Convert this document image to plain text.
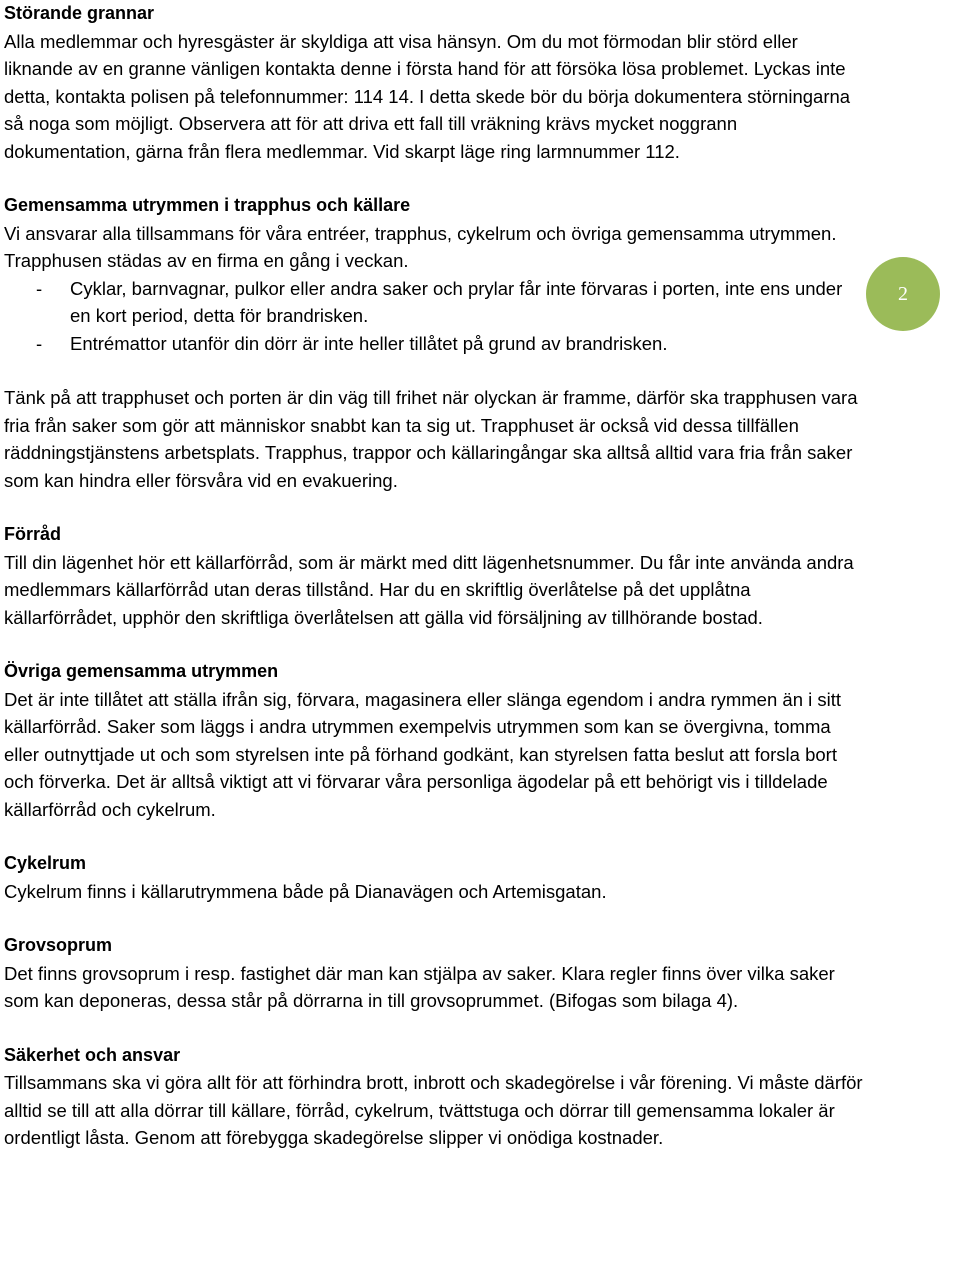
Störande grannar

Alla medlemmar och hyresgäster är skyldiga att visa hänsyn. Om du mot förmodan blir störd eller liknande av en granne vänligen kontakta denne i första hand för att försöka lösa problemet. Lyckas inte detta, kontakta polisen på telefonnummer: 114 14. I detta skede bör du börja dokumentera störningarna så noga som möjligt. Observera att för att driva ett fall till vräkning krävs mycket noggrann dokumentation, gärna från flera medlemmar. Vid skarpt läge ring larmnummer 112.

Gemensamma utrymmen i trapphus och källare

Vi ansvarar alla tillsammans för våra entréer, trapphus, cykelrum och övriga gemensamma utrymmen. Trapphusen städas av en firma en gång i veckan.

- Cyklar, barnvagnar, pulkor eller andra saker och prylar får inte förvaras i porten, inte ens under en kort period, detta för brandrisken.
- Entrémattor utanför din dörr är inte heller tillåtet på grund av brandrisken.

Tänk på att trapphuset och porten är din väg till frihet när olyckan är framme, därför ska trapphusen vara fria från saker som gör att människor snabbt kan ta sig ut. Trapphuset är också vid dessa tillfällen räddningstjänstens arbetsplats. Trapphus, trappor och källaringångar ska alltså alltid vara fria från saker som kan hindra eller försvåra vid en evakuering.

Förråd

Till din lägenhet hör ett källarförråd, som är märkt med ditt lägenhetsnummer. Du får inte använda andra medlemmars källarförråd utan deras tillstånd. Har du en skriftlig överlåtelse på det upplåtna källarförrådet, upphör den skriftliga överlåtelsen att gälla vid försäljning av tillhörande bostad.

Övriga gemensamma utrymmen

Det är inte tillåtet att ställa ifrån sig, förvara, magasinera eller slänga egendom i andra rymmen än i sitt källarförråd. Saker som läggs i andra utrymmen exempelvis utrymmen som kan se övergivna, tomma eller outnyttjade ut och som styrelsen inte på förhand godkänt, kan styrelsen fatta beslut att forsla bort och förverka. Det är alltså viktigt att vi förvarar våra personliga ägodelar på ett behörigt vis i tilldelade källarförråd och cykelrum.

Cykelrum

Cykelrum finns i källarutrymmena både på Dianavägen och Artemisgatan.

Grovsoprum

Det finns grovsoprum i resp. fastighet där man kan stjälpa av saker. Klara regler finns över vilka saker som kan deponeras, dessa står på dörrarna in till grovsoprummet. (Bifogas som bilaga 4).

Säkerhet och ansvar

Tillsammans ska vi göra allt för att förhindra brott, inbrott och skadegörelse i vår förening. Vi måste därför alltid se till att alla dörrar till källare, förråd, cykelrum, tvättstuga och dörrar till gemensamma lokaler är ordentligt låsta. Genom att förebygga skadegörelse slipper vi onödiga kostnader.

2
